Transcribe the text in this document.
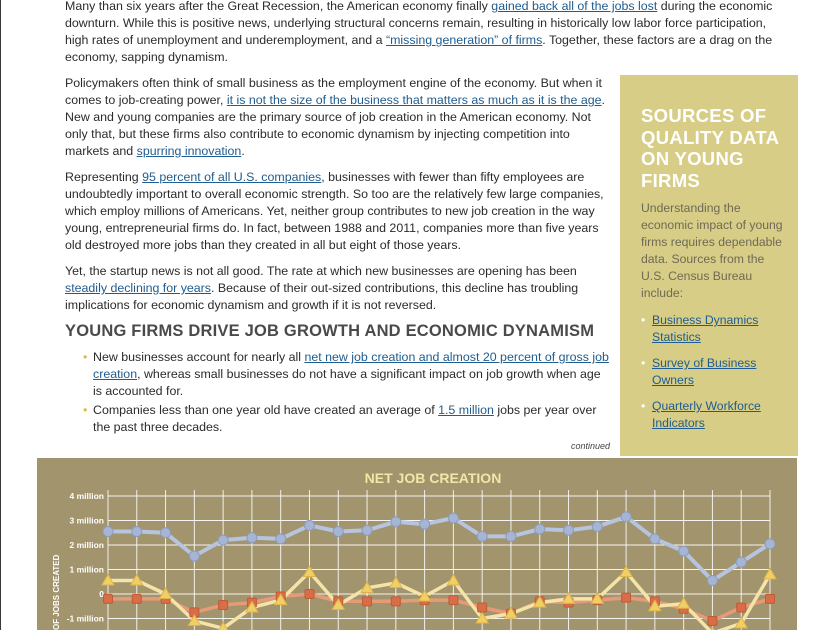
Many than six years after the Great Recession, the American economy finally gained back all of the jobs lost during the economic downturn. While this is positive news, underlying structural concerns remain, resulting in historically low labor force participation, high rates of unemployment and underemployment, and a “missing generation” of firms. Together, these factors are a drag on the economy, sapping dynamism.

Policymakers often think of small business as the employment engine of the economy. But when it comes to job-creating power, it is not the size of the business that matters as much as it is the age. New and young companies are the primary source of job creation in the American economy. Not only that, but these firms also contribute to economic dynamism by injecting competition into markets and spurring innovation.

Representing 95 percent of all U.S. companies, businesses with fewer than fifty employees are undoubtedly important to overall economic strength. So too are the relatively few large companies, which employ millions of Americans. Yet, neither group contributes to new job creation in the way young, entrepreneurial firms do. In fact, between 1988 and 2011, companies more than five years old destroyed more jobs than they created in all but eight of those years.

Yet, the startup news is not all good. The rate at which new businesses are opening has been steadily declining for years. Because of their out-sized contributions, this decline has troubling implications for economic dynamism and growth if it is not reversed.

YOUNG FIRMS DRIVE JOB GROWTH AND ECONOMIC DYNAMISM
• New businesses account for nearly all net new job creation and almost 20 percent of gross job creation, whereas small businesses do not have a significant impact on job growth when age is accounted for.
• Companies less than one year old have created an average of 1.5 million jobs per year over the past three decades.
continued
SOURCES OF QUALITY DATA ON YOUNG FIRMS
Understanding the economic impact of young firms requires dependable data. Sources from the U.S. Census Bureau include:
• Business Dynamics Statistics
• Survey of Business Owners
• Quarterly Workforce Indicators
NET JOB CREATION
OF JOBS CREATED
4 million
3 million
2 million
1 million
0
-1 million
